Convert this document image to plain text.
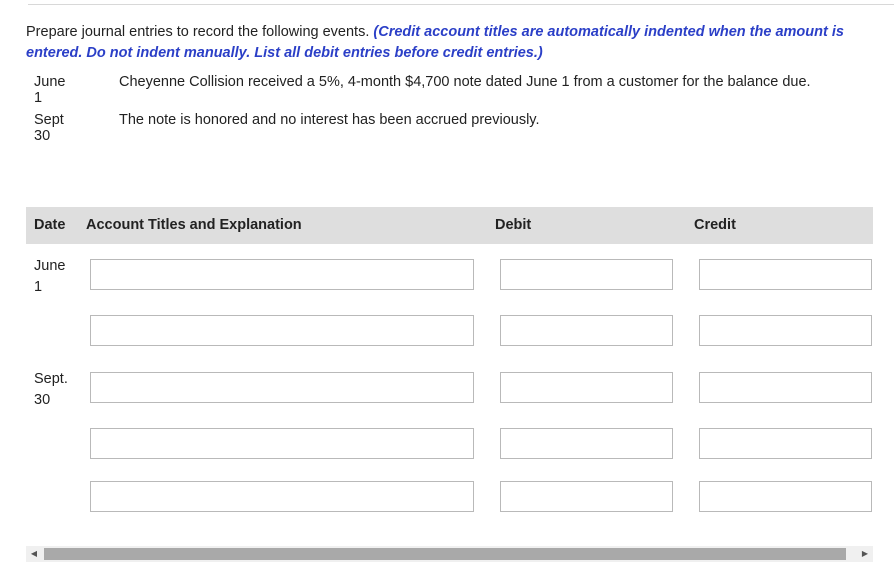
Prepare journal entries to record the following events. (Credit account titles are automatically indented when the amount is entered. Do not indent manually. List all debit entries before credit entries.)
June 1
Cheyenne Collision received a 5%, 4-month $4,700 note dated June 1 from a customer for the balance due.
Sept 30
The note is honored and no interest has been accrued previously.
Date Account Titles and Explanation	Debit	Credit
June
1

Sept.
30

◀	▶
